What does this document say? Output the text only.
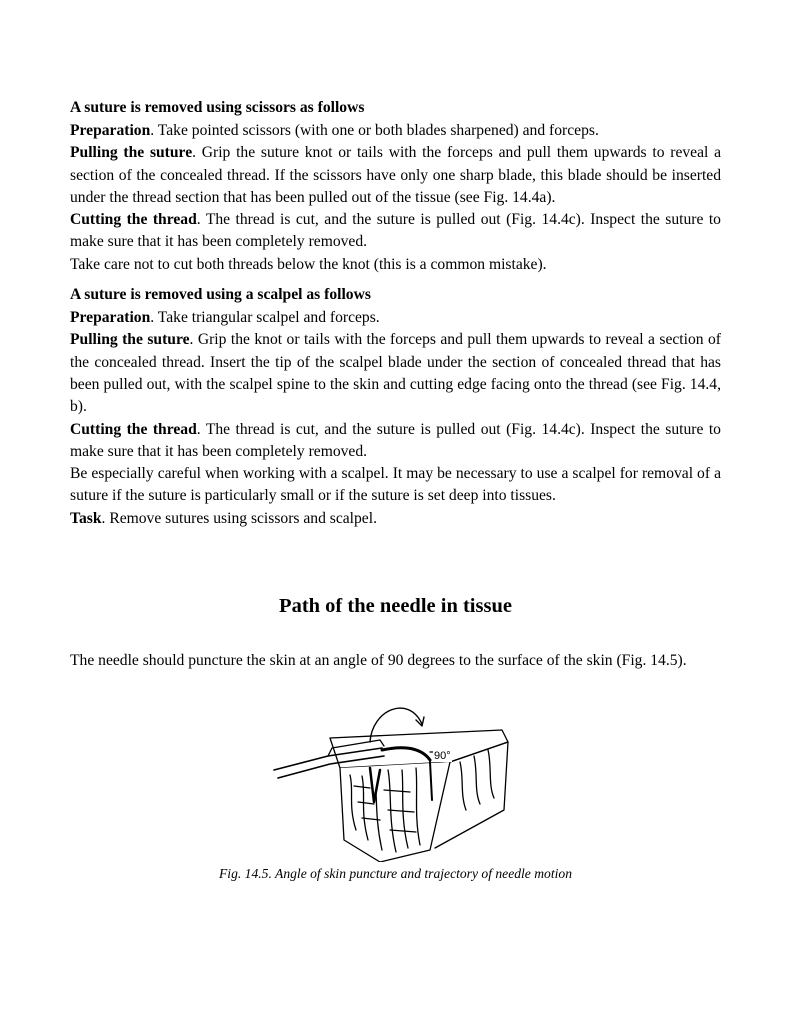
A suture is removed using scissors as follows

Preparation. Take pointed scissors (with one or both blades sharpened) and forceps.

Pulling the suture. Grip the suture knot or tails with the forceps and pull them upwards to reveal a section of the concealed thread. If the scissors have only one sharp blade, this blade should be inserted under the thread section that has been pulled out of the tissue (see Fig. 14.4a).

Cutting the thread. The thread is cut, and the suture is pulled out (Fig. 14.4c). Inspect the suture to make sure that it has been completely removed.

Take care not to cut both threads below the knot (this is a common mistake).

A suture is removed using a scalpel as follows

Preparation. Take triangular scalpel and forceps.

Pulling the suture. Grip the knot or tails with the forceps and pull them upwards to reveal a section of the concealed thread. Insert the tip of the scalpel blade under the section of concealed thread that has been pulled out, with the scalpel spine to the skin and cutting edge facing onto the thread (see Fig. 14.4, b).

Cutting the thread. The thread is cut, and the suture is pulled out (Fig. 14.4c). Inspect the suture to make sure that it has been completely removed.

Be especially careful when working with a scalpel. It may be necessary to use a scalpel for removal of a suture if the suture is particularly small or if the suture is set deep into tissues.

Task. Remove sutures using scissors and scalpel.

Path of the needle in tissue
The needle should puncture the skin at an angle of 90 degrees to the surface of the skin (Fig. 14.5).
90°
Fig. 14.5. Angle of skin puncture and trajectory of needle motion
